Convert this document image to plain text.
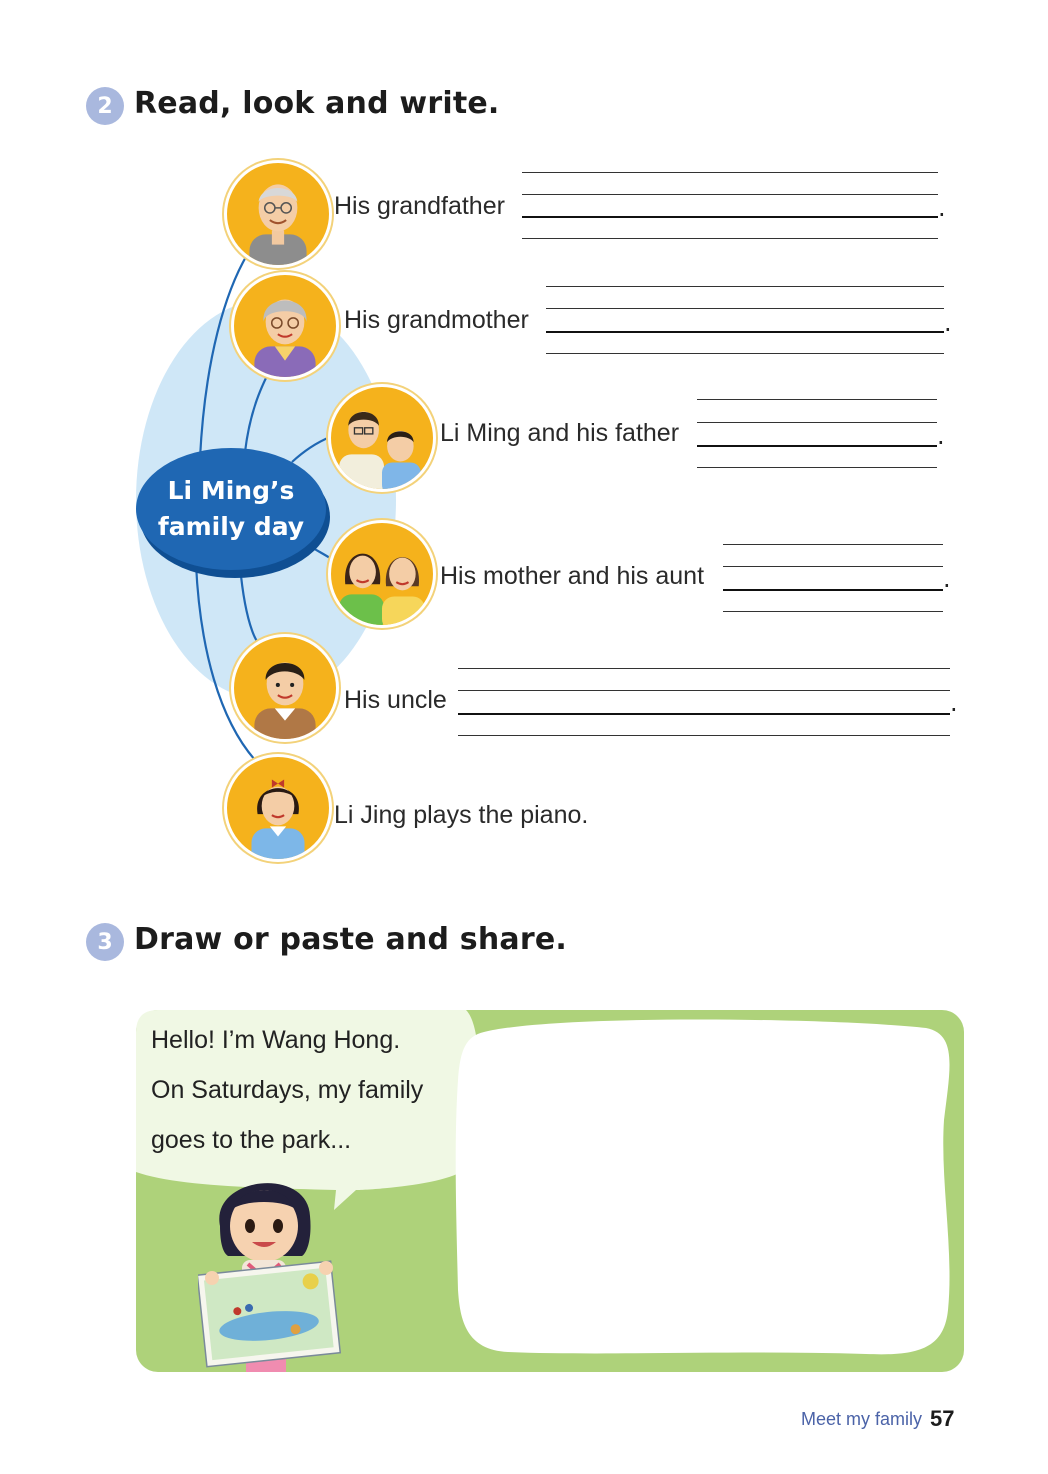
2 Read, look and write.
Li Ming’s
family day
His grandfather	.
His grandmother	.
Li Ming and his father	.
His mother and his aunt	.
His uncle	.
Li Jing plays the piano.
3 Draw or paste and share.
Hello! I’m Wang Hong.
On Saturdays, my family
goes to the park...
Meet my family 57
